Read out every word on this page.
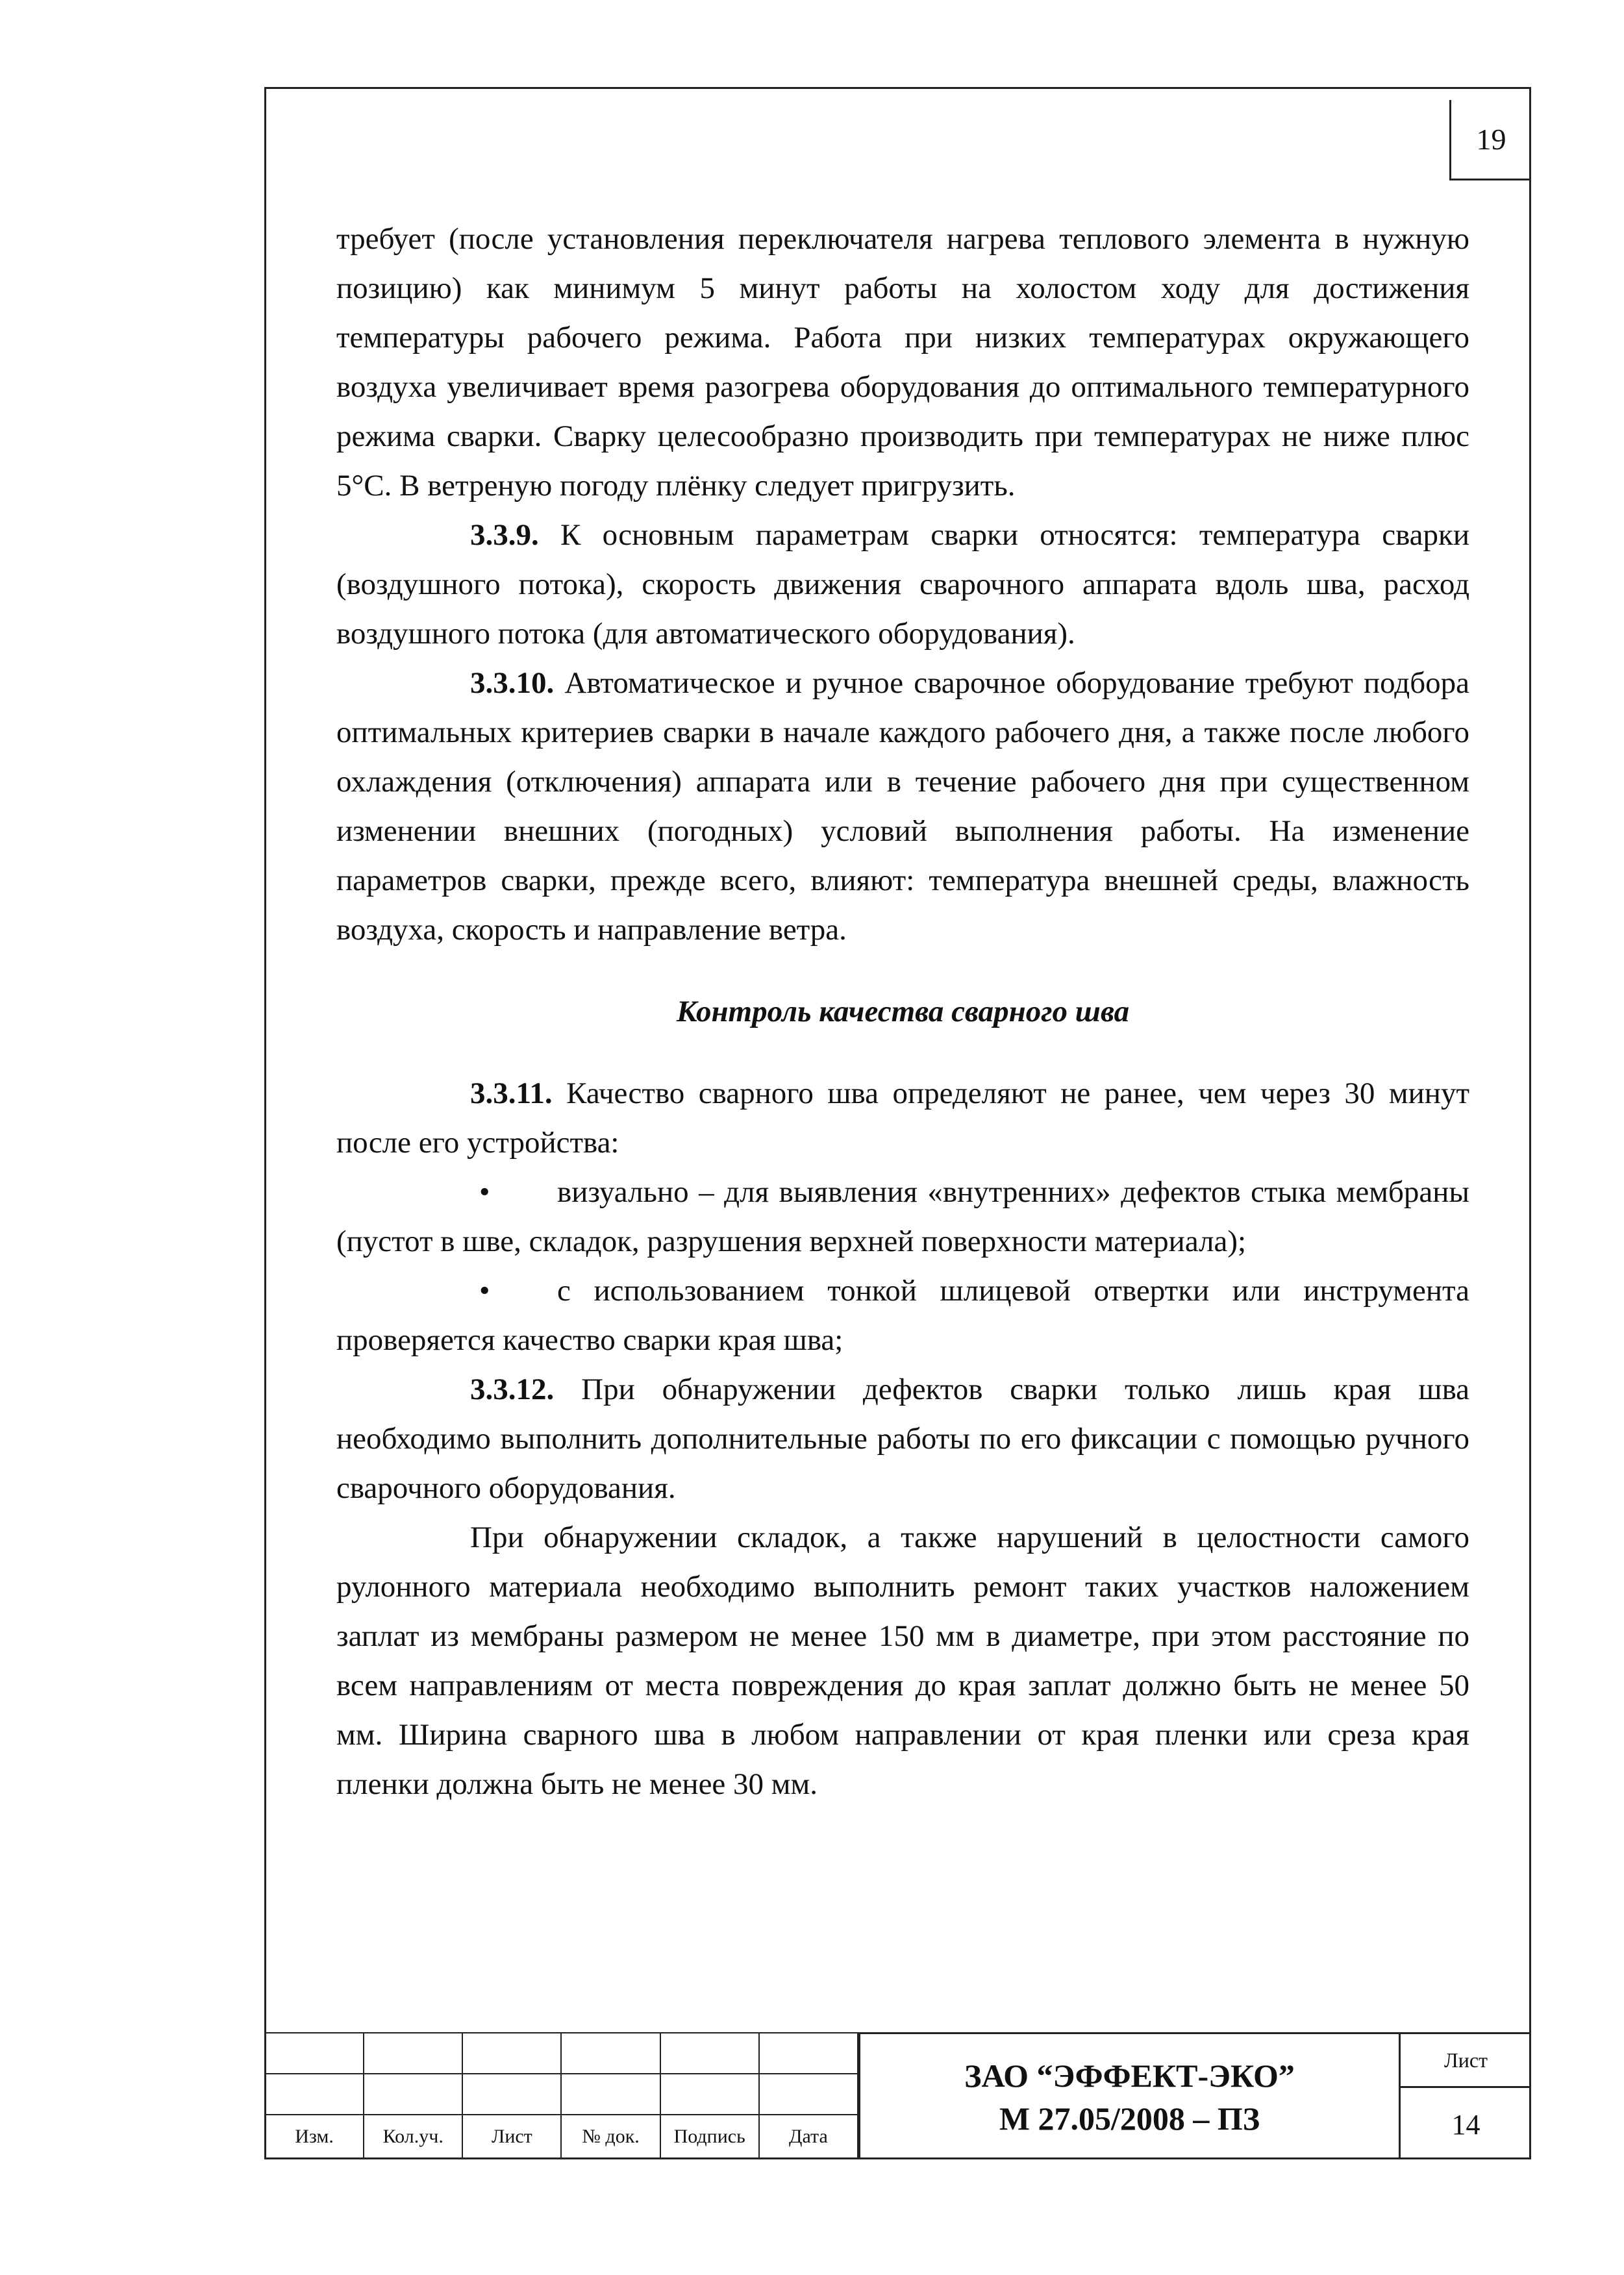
19

требует (после установления переключателя нагрева теплового элемента в нужную позицию) как минимум 5 минут работы на холостом ходу для достижения температуры рабочего режима. Работа при низких температурах окружающего воздуха увеличивает время разогрева оборудования до оптимального температурного режима сварки. Сварку целесообразно производить при температурах не ниже плюс 5°С. В ветреную погоду плёнку следует пригрузить.

3.3.9. К основным параметрам сварки относятся: температура сварки (воздушного потока), скорость движения сварочного аппарата вдоль шва, расход воздушного потока (для автоматического оборудования).

3.3.10. Автоматическое и ручное сварочное оборудование требуют подбора оптимальных критериев сварки в начале каждого рабочего дня, а также после любого охлаждения (отключения) аппарата или в течение рабочего дня при существенном изменении внешних (погодных) условий выполнения работы. На изменение параметров сварки, прежде всего, влияют: температура внешней среды, влажность воздуха, скорость и направление ветра.

Контроль качества сварного шва

3.3.11. Качество сварного шва определяют не ранее, чем через 30 минут после его устройства:

• визуально – для выявления «внутренних» дефектов стыка мембраны (пустот в шве, складок, разрушения верхней поверхности материала);

• с использованием тонкой шлицевой отвертки или инструмента проверяется качество сварки края шва;

3.3.12. При обнаружении дефектов сварки только лишь края шва необходимо выполнить дополнительные работы по его фиксации с помощью ручного сварочного оборудования.

При обнаружении складок, а также нарушений в целостности самого рулонного материала необходимо выполнить ремонт таких участков наложением заплат из мембраны размером не менее 150 мм в диаметре, при этом расстояние по всем направлениям от места повреждения до края заплат должно быть не менее 50 мм. Ширина сварного шва в любом направлении от края пленки или среза края пленки должна быть не менее 30 мм.

Изм.	Кол.уч.	Лист	№ док.	Подпись	Дата
ЗАО “ЭФФЕКТ-ЭКО”
М 27.05/2008 – ПЗ
Лист
14
